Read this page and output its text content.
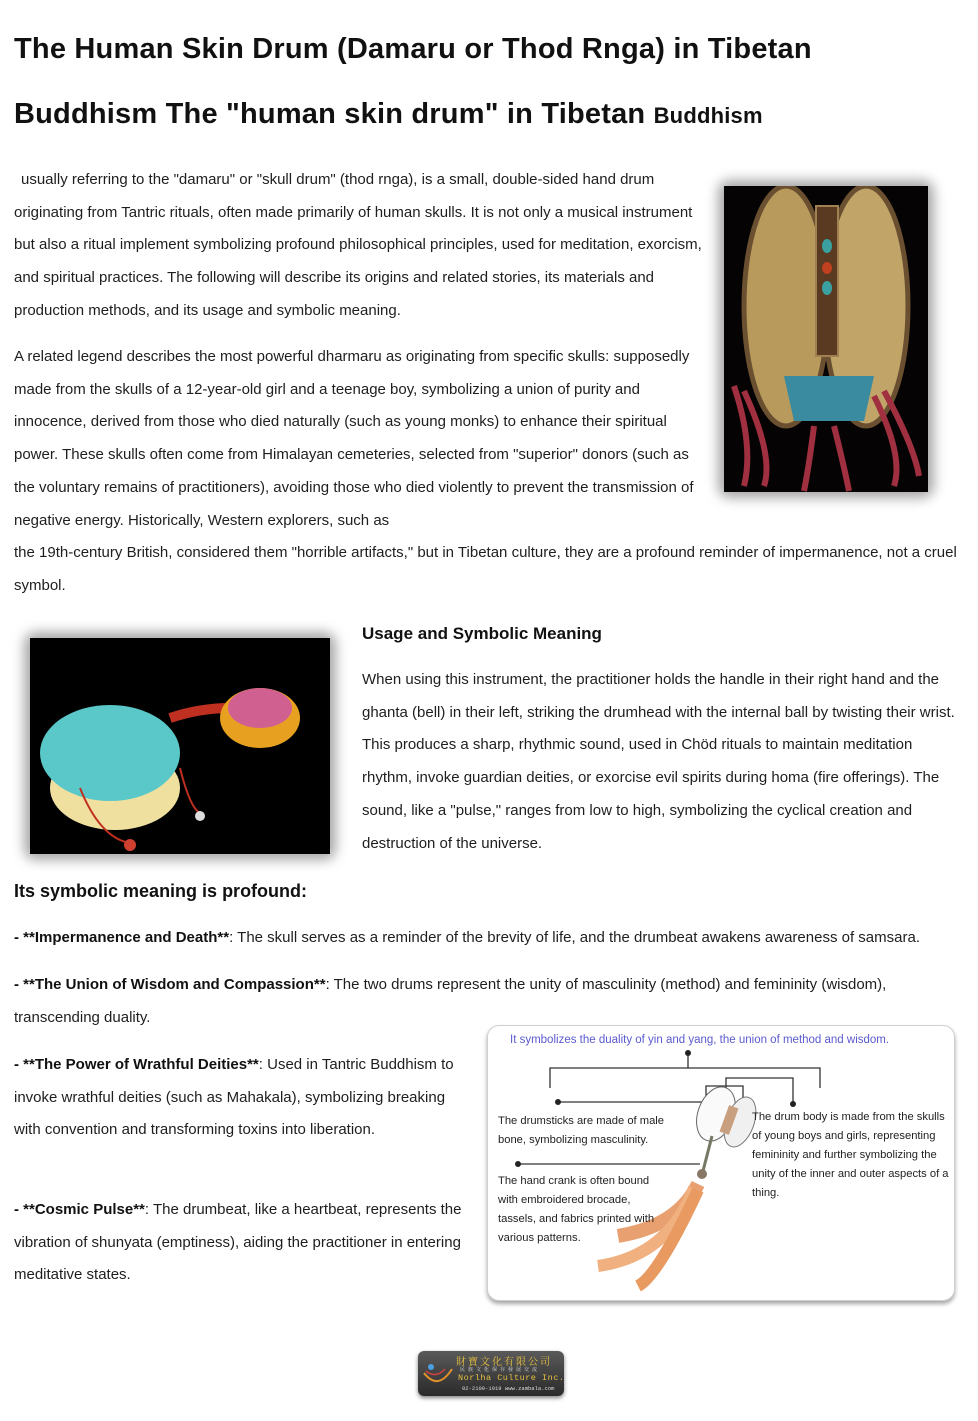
The Human Skin Drum (Damaru or Thod Rnga) in Tibetan
Buddhism The "human skin drum" in Tibetan Buddhism

usually referring to the "damaru" or "skull drum" (thod rnga), is a small, double-sided hand drum originating from Tantric rituals, often made primarily of human skulls. It is not only a musical instrument but also a ritual implement symbolizing profound philosophical principles, used for meditation, exorcism, and spiritual practices. The following will describe its origins and related stories, its materials and production methods, and its usage and symbolic meaning.

A related legend describes the most powerful dharmaru as originating from specific skulls: supposedly made from the skulls of a 12-year-old girl and a teenage boy, symbolizing a union of purity and innocence, derived from those who died naturally (such as young monks) to enhance their spiritual power. These skulls often come from Himalayan cemeteries, selected from "superior" donors (such as the voluntary remains of practitioners), avoiding those who died violently to prevent the transmission of negative energy. Historically, Western explorers, such as

the 19th-century British, considered them "horrible artifacts," but in Tibetan culture, they are a profound reminder of impermanence, not a cruel symbol.

Usage and Symbolic Meaning

When using this instrument, the practitioner holds the handle in their right hand and the ghanta (bell) in their left, striking the drumhead with the internal ball by twisting their wrist. This produces a sharp, rhythmic sound, used in Chöd rituals to maintain meditation rhythm, invoke guardian deities, or exorcise evil spirits during homa (fire offerings). The sound, like a "pulse," ranges from low to high, symbolizing the cyclical creation and destruction of the universe.

Its symbolic meaning is profound:

- **Impermanence and Death**: The skull serves as a reminder of the brevity of life, and the drumbeat awakens awareness of samsara.

- **The Union of Wisdom and Compassion**: The two drums represent the unity of masculinity (method) and femininity (wisdom), transcending duality.

- **The Power of Wrathful Deities**: Used in Tantric Buddhism to invoke wrathful deities (such as Mahakala), symbolizing breaking with convention and transforming toxins into liberation.

- **Cosmic Pulse**: The drumbeat, like a heartbeat, represents the vibration of shunyata (emptiness), aiding the practitioner in entering meditative states.

It symbolizes the duality of yin and yang, the union of method and wisdom.
The drumsticks are made of male bone, symbolizing masculinity.
The hand crank is often bound with embroidered brocade, tassels, and fabrics printed with various patterns.
The drum body is made from the skulls of young boys and girls, representing femininity and further symbolizing the unity of the inner and outer aspects of a thing.
財寶文化有限公司
民族文化保存發展交流
Norlha Culture Inc.
02-2100-1919 www.zambala.com
